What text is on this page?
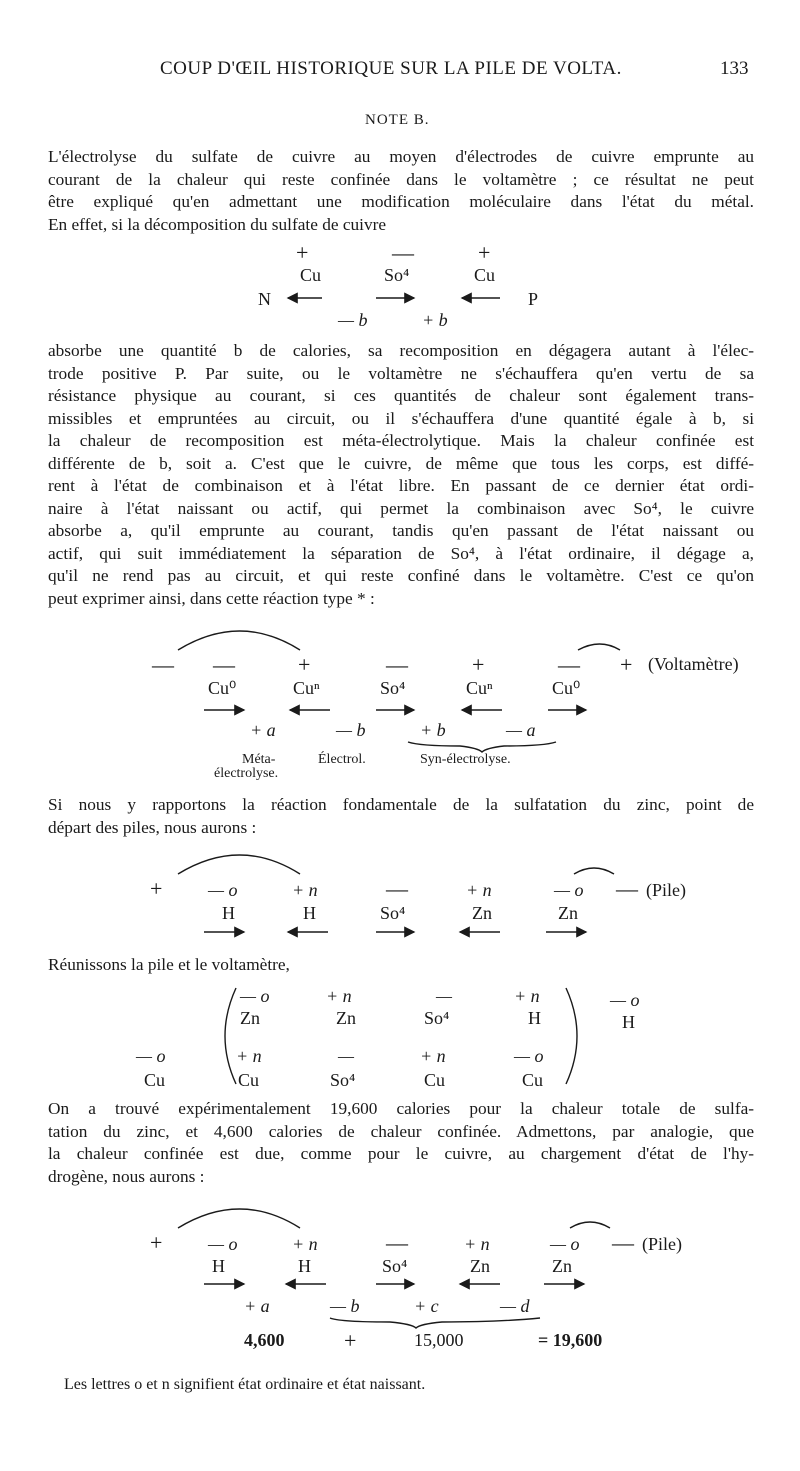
COUP D'ŒIL HISTORIQUE SUR LA PILE DE VOLTA.	133
NOTE B.
L'électrolyse du sulfate de cuivre au moyen d'électrodes de cuivre emprunte au
courant de la chaleur qui reste confinée dans le voltamètre ; ce résultat ne peut
être expliqué qu'en admettant une modification moléculaire dans l'état du métal.
En effet, si la décomposition du sulfate de cuivre
+	—	+
Cu	So⁴	Cu
N	P
— b	+ b
absorbe une quantité b de calories, sa recomposition en dégagera autant à l'élec-
trode positive P. Par suite, ou le voltamètre ne s'échauffera qu'en vertu de sa
résistance physique au courant, si ces quantités de chaleur sont également trans-
missibles et empruntées au circuit, ou il s'échauffera d'une quantité égale à b, si
la chaleur de recomposition est méta-électrolytique. Mais la chaleur confinée est
différente de b, soit a. C'est que le cuivre, de même que tous les corps, est diffé-
rent à l'état de combinaison et à l'état libre. En passant de ce dernier état ordi-
naire à l'état naissant ou actif, qui permet la combinaison avec So⁴, le cuivre
absorbe a, qu'il emprunte au courant, tandis qu'en passant de l'état naissant ou
actif, qui suit immédiatement la séparation de So⁴, à l'état ordinaire, il dégage a,
qu'il ne rend pas au circuit, et qui reste confiné dans le voltamètre. C'est ce qu'on
peut exprimer ainsi, dans cette réaction type * :
— —	+	—	+	— + (Voltamètre)
Cu⁰	Cuⁿ	So⁴	Cuⁿ	Cu⁰
+ a	— b	+ b	— a
Méta-
électrolyse.
Électrol.	Syn-électrolyse.
Si nous y rapportons la réaction fondamentale de la sulfatation du zinc, point de
départ des piles, nous aurons :
+	— o	+ n	—	+ n	— o — (Pile)
H	H	So⁴	Zn	Zn
Réunissons la pile et le voltamètre,
— o	+ n	—	+ n	— o
Zn	Zn	So⁴	H	H
— o	+ n	—	+ n	— o
Cu	Cu	So⁴	Cu	Cu
On a trouvé expérimentalement 19,600 calories pour la chaleur totale de sulfa-
tation du zinc, et 4,600 calories de chaleur confinée. Admettons, par analogie, que
la chaleur confinée est due, comme pour le cuivre, au chargement d'état de l'hy-
drogène, nous aurons :
+	— o	+ n	—	+ n	— o — (Pile)
H	H	So⁴	Zn	Zn
+ a	— b	+ c	— d
4,600	+	15,000	= 19,600
Les lettres o et n signifient état ordinaire et état naissant.
